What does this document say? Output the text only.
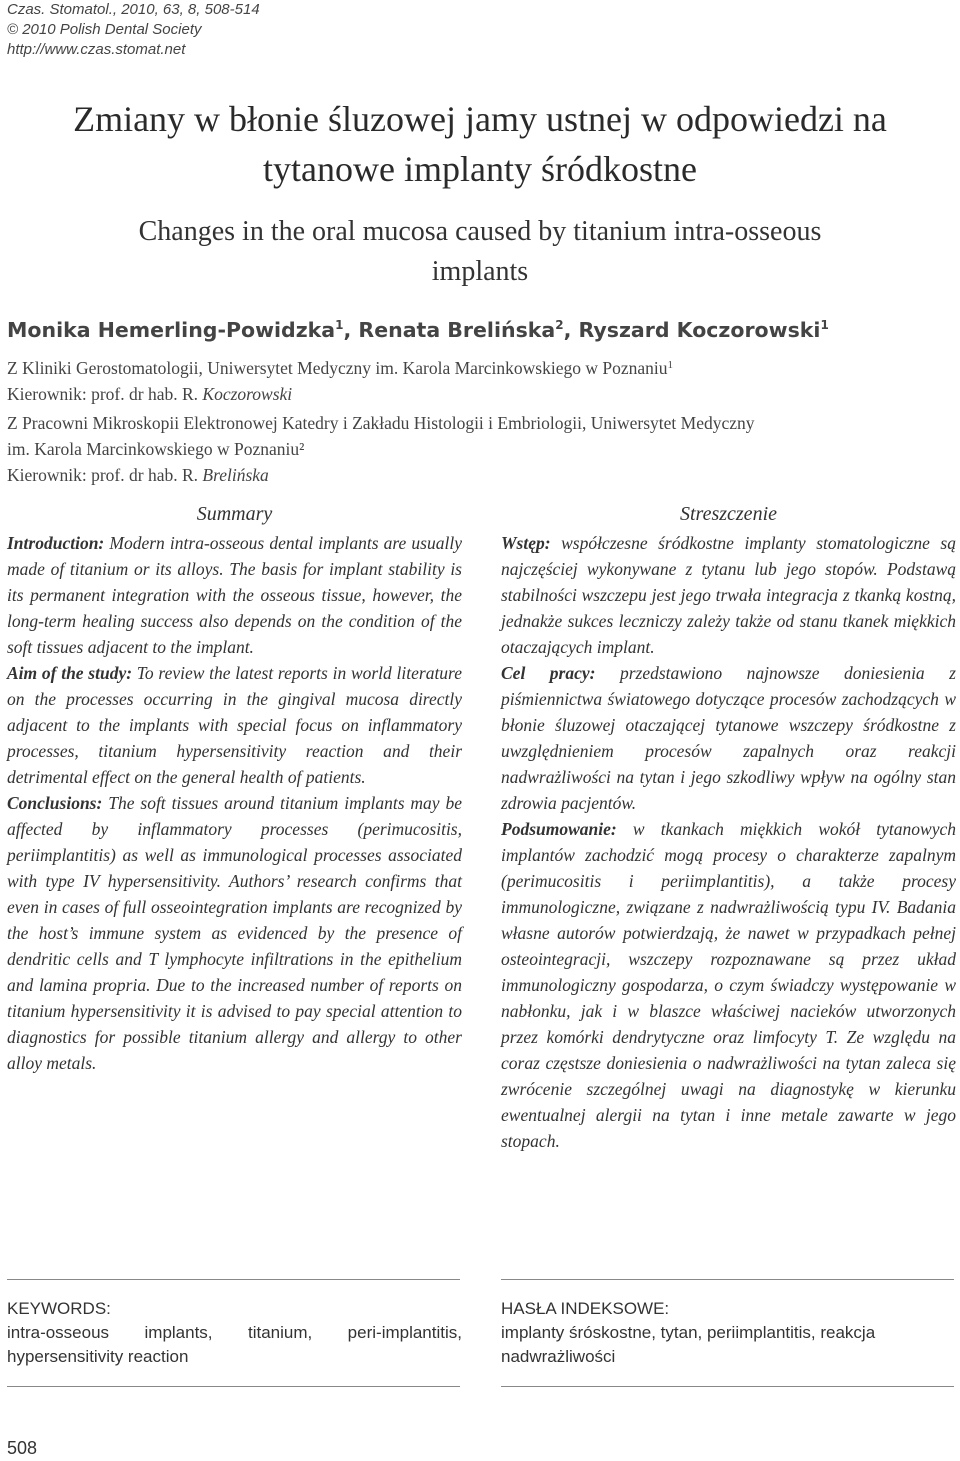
Czas. Stomatol., 2010, 63, 8, 508-514
© 2010 Polish Dental Society
http://www.czas.stomat.net
Zmiany w błonie śluzowej jamy ustnej w odpowiedzi na
tytanowe implanty śródkostne
Changes in the oral mucosa caused by titanium intra-osseous
implants
Monika Hemerling-Powidzka$^1$, Renata Brelińska$^2$, Ryszard Koczorowski$^1$
Z Kliniki Gerostomatologii, Uniwersytet Medyczny im. Karola Marcinkowskiego w Poznaniu$^1$
Kierownik: prof. dr hab. R. Koczorowski
Z Pracowni Mikroskopii Elektronowej Katedry i Zakładu Histologii i Embriologii, Uniwersytet Medyczny
im. Karola Marcinkowskiego w Poznaniu²
Kierownik: prof. dr hab. R. Brelińska
Summary

Introduction: Modern intra-osseous dental implants are usually made of titanium or its alloys. The basis for implant stability is its permanent integration with the osseous tissue, however, the long-term healing success also depends on the condition of the soft tissues adjacent to the implant.

Aim of the study: To review the latest reports in world literature on the processes occurring in the gingival mucosa directly adjacent to the implants with special focus on inflammatory processes, titanium hypersensitivity reaction and their detrimental effect on the general health of patients.

Conclusions: The soft tissues around titanium implants may be affected by inflammatory processes (perimucositis, periimplantitis) as well as immunological processes associated with type IV hypersensitivity. Authors’ research confirms that even in cases of full osseointegration implants are recognized by the host’s immune system as evidenced by the presence of dendritic cells and T lymphocyte infiltrations in the epithelium and lamina propria. Due to the increased number of reports on titanium hypersensitivity it is advised to pay special attention to diagnostics for possible titanium allergy and allergy to other alloy metals.

Streszczenie

Wstęp: współczesne śródkostne implanty stomatologiczne są najczęściej wykonywane z tytanu lub jego stopów. Podstawą stabilności wszczepu jest jego trwała integracja z tkanką kostną, jednakże sukces leczniczy zależy także od stanu tkanek miękkich otaczających implant.

Cel pracy: przedstawiono najnowsze doniesienia z piśmiennictwa światowego dotyczące procesów zachodzących w błonie śluzowej otaczającej tytanowe wszczepy śródkostne z uwzględnieniem procesów zapalnych oraz reakcji nadwrażliwości na tytan i jego szkodliwy wpływ na ogólny stan zdrowia pacjentów.

Podsumowanie: w tkankach miękkich wokół tytanowych implantów zachodzić mogą procesy o charakterze zapalnym (perimucositis i periimplantitis), a także procesy immunologiczne, związane z nadwrażliwością typu IV. Badania własne autorów potwierdzają, że nawet w przypadkach pełnej osteointegracji, wszczepy rozpoznawane są przez układ immunologiczny gospodarza, o czym świadczy występowanie w nabłonku, jak i w blaszce właściwej nacieków utworzonych przez komórki dendrytyczne oraz limfocyty T. Ze względu na coraz częstsze doniesienia o nadwrażliwości na tytan zaleca się zwrócenie szczególnej uwagi na diagnostykę w kierunku ewentualnej alergii na tytan i inne metale zawarte w jego stopach.

KEYWORDS:
intra-osseous implants, titanium, peri-implantitis, hypersensitivity reaction
HASŁA INDEKSOWE:
implanty śróskostne, tytan, periimplantitis, reakcja nadwrażliwości
508
